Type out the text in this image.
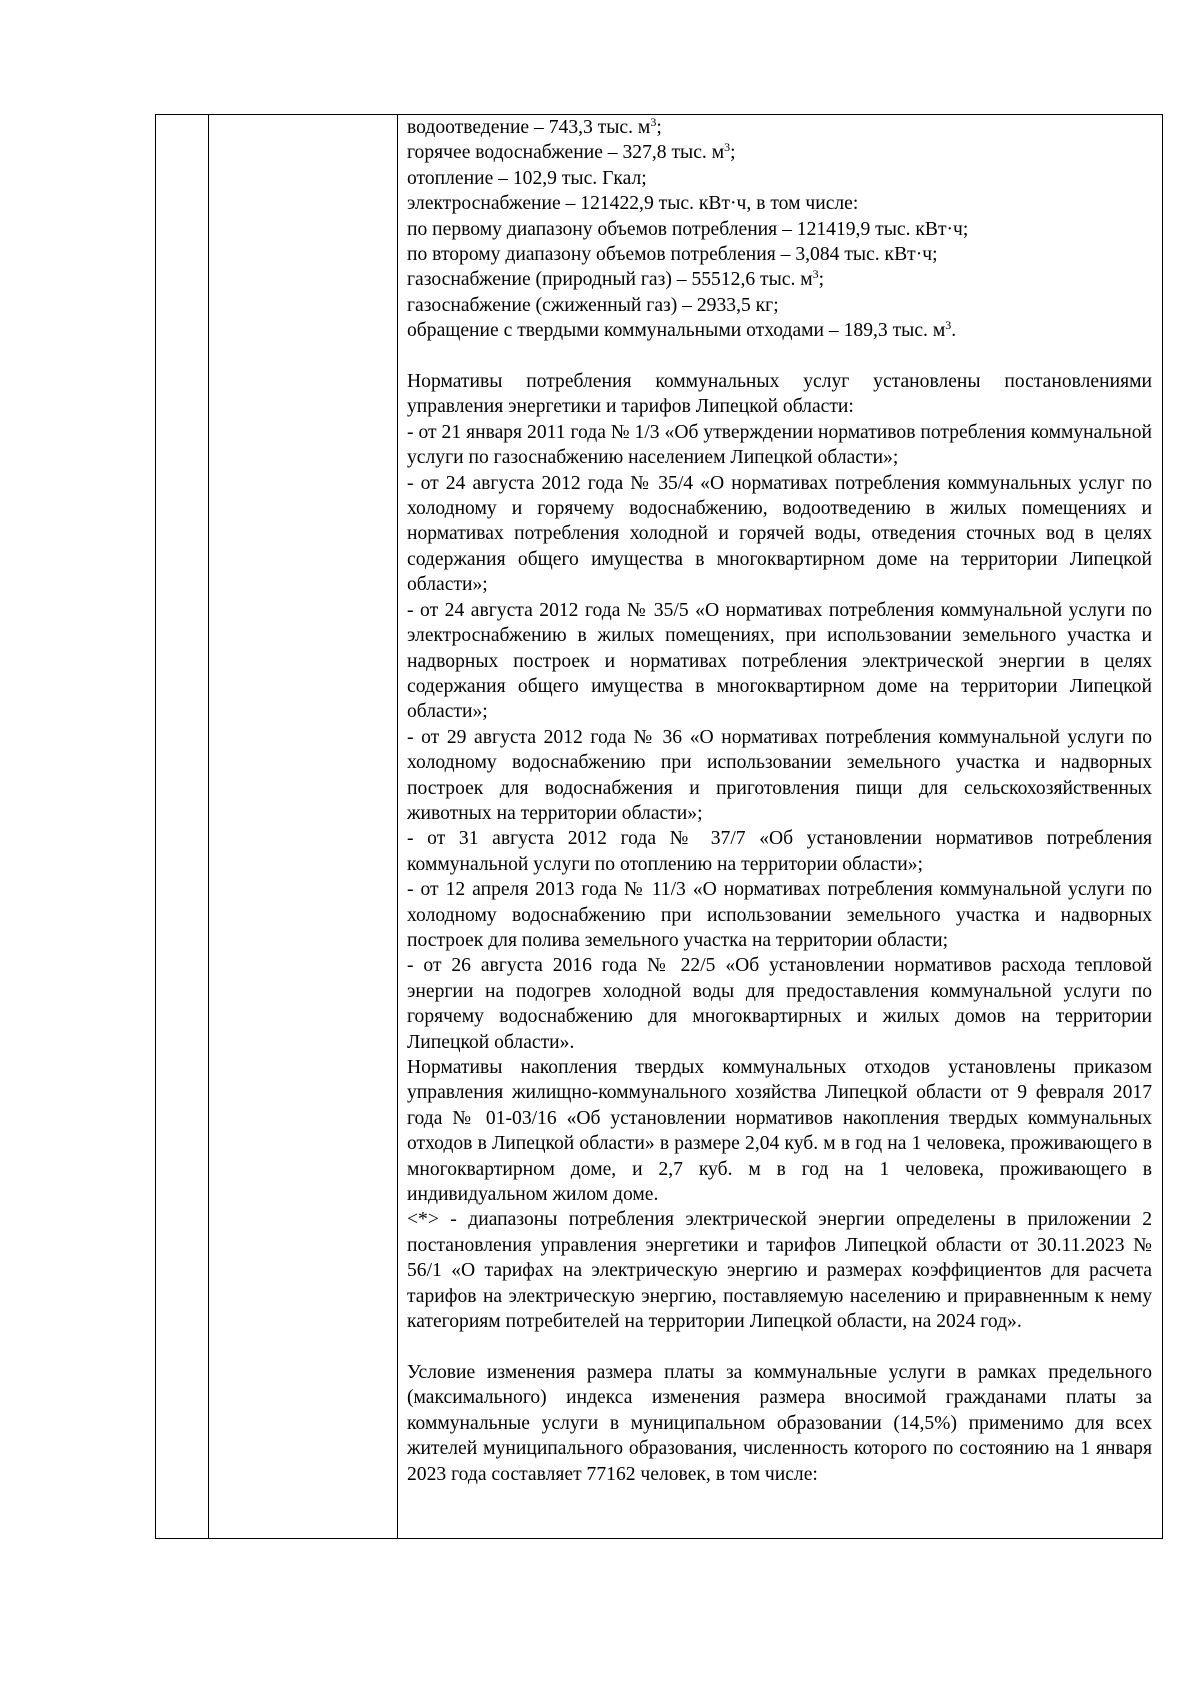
водоотведение – 743,3 тыс. $м^3$;

горячее водоснабжение – 327,8 тыс. $м^3$;

отопление – 102,9 тыс. Гкал;

электроснабжение – 121422,9 тыс. кВт·ч, в том числе:

по первому диапазону объемов потребления – 121419,9 тыс. кВт·ч;

по второму диапазону объемов потребления – 3,084 тыс. кВт·ч;

газоснабжение (природный газ) – 55512,6 тыс. $м^3$;

газоснабжение (сжиженный газ) – 2933,5 кг;

обращение с твердыми коммунальными отходами – 189,3 тыс. $м^3$.

Нормативы потребления коммунальных услуг установлены постановлениями управления энергетики и тарифов Липецкой области:

- от 21 января 2011 года № 1/3 «Об утверждении нормативов потребления коммунальной услуги по газоснабжению населением Липецкой области»;

- от 24 августа 2012 года № 35/4 «О нормативах потребления коммунальных услуг по холодному и горячему водоснабжению, водоотведению в жилых помещениях и нормативах потребления холодной и горячей воды, отведения сточных вод в целях содержания общего имущества в многоквартирном доме на территории Липецкой области»;

- от 24 августа 2012 года № 35/5 «О нормативах потребления коммунальной услуги по электроснабжению в жилых помещениях, при использовании земельного участка и надворных построек и нормативах потребления электрической энергии в целях содержания общего имущества в многоквартирном доме на территории Липецкой области»;

- от 29 августа 2012 года № 36 «О нормативах потребления коммунальной услуги по холодному водоснабжению при использовании земельного участка и надворных построек для водоснабжения и приготовления пищи для сельскохозяйственных животных на территории области»;

- от 31 августа 2012 года № 37/7 «Об установлении нормативов потребления коммунальной услуги по отоплению на территории области»;

- от 12 апреля 2013 года № 11/3 «О нормативах потребления коммунальной услуги по холодному водоснабжению при использовании земельного участка и надворных построек для полива земельного участка на территории области;

- от 26 августа 2016 года № 22/5 «Об установлении нормативов расхода тепловой энергии на подогрев холодной воды для предоставления коммунальной услуги по горячему водоснабжению для многоквартирных и жилых домов на территории Липецкой области».

Нормативы накопления твердых коммунальных отходов установлены приказом управления жилищно-коммунального хозяйства Липецкой области от 9 февраля 2017 года № 01-03/16 «Об установлении нормативов накопления твердых коммунальных отходов в Липецкой области» в размере 2,04 куб. м в год на 1 человека, проживающего в многоквартирном доме, и 2,7 куб. м в год на 1 человека, проживающего в индивидуальном жилом доме.

<*> - диапазоны потребления электрической энергии определены в приложении 2 постановления управления энергетики и тарифов Липецкой области от 30.11.2023 № 56/1 «О тарифах на электрическую энергию и размерах коэффициентов для расчета тарифов на электрическую энергию, поставляемую населению и приравненным к нему категориям потребителей на территории Липецкой области, на 2024 год».

Условие изменения размера платы за коммунальные услуги в рамках предельного (максимального) индекса изменения размера вносимой гражданами платы за коммунальные услуги в муниципальном образовании (14,5%) применимо для всех жителей муниципального образования, численность которого по состоянию на 1 января 2023 года составляет 77162 человек, в том числе:
